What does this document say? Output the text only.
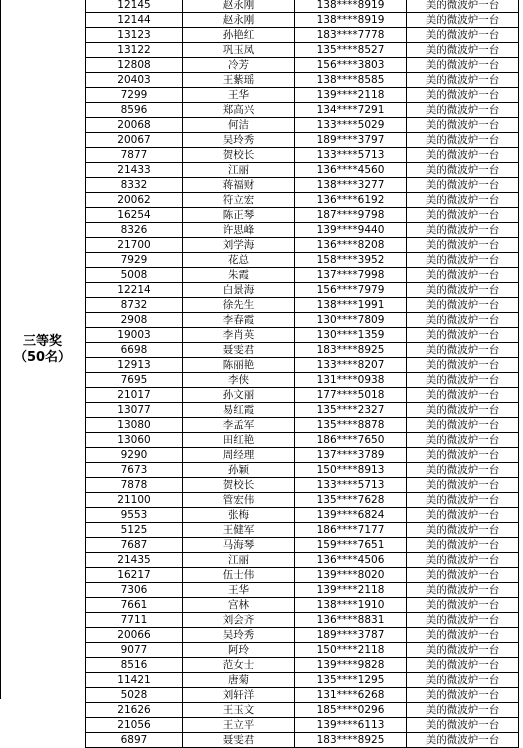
三等奖
（50名）
12145	赵永刚	138****8919	美的微波炉一台
12144	赵永刚	138****8919	美的微波炉一台
13123	孙艳红	183****7778	美的微波炉一台
13122	巩玉凤	135****8527	美的微波炉一台
12808	冷芳	156****3803	美的微波炉一台
20403	王紫瑶	138****8585	美的微波炉一台
7299	王华	139****2118	美的微波炉一台
8596	郑高兴	134****7291	美的微波炉一台
20068	何洁	133****5029	美的微波炉一台
20067	吴玲秀	189****3797	美的微波炉一台
7877	贺校长	133****5713	美的微波炉一台
21433	江丽	136****4560	美的微波炉一台
8332	蒋福财	138****3277	美的微波炉一台
20062	符立宏	136****6192	美的微波炉一台
16254	陈正琴	187****9798	美的微波炉一台
8326	许思峰	139****9440	美的微波炉一台
21700	刘学海	136****8208	美的微波炉一台
7929	花总	158****3952	美的微波炉一台
5008	朱霞	137****7998	美的微波炉一台
12214	白景海	156****7979	美的微波炉一台
8732	徐先生	138****1991	美的微波炉一台
2908	李春霞	130****7809	美的微波炉一台
19003	李肖英	130****1359	美的微波炉一台
6698	聂雯君	183****8925	美的微波炉一台
12913	陈丽艳	133****8207	美的微波炉一台
7695	李侠	131****0938	美的微波炉一台
21017	孙文丽	177****5018	美的微波炉一台
13077	易红霞	135****2327	美的微波炉一台
13080	李孟军	135****8878	美的微波炉一台
13060	田红艳	186****7650	美的微波炉一台
9290	周经理	137****3789	美的微波炉一台
7673	孙颖	150****8913	美的微波炉一台
7878	贺校长	133****5713	美的微波炉一台
21100	管宏伟	135****7628	美的微波炉一台
9553	张梅	139****6824	美的微波炉一台
5125	王健军	186****7177	美的微波炉一台
7687	马海琴	159****7651	美的微波炉一台
21435	江丽	136****4506	美的微波炉一台
16217	伍士伟	139****8020	美的微波炉一台
7306	王华	139****2118	美的微波炉一台
7661	宫林	138****1910	美的微波炉一台
7711	刘会齐	136****8831	美的微波炉一台
20066	吴玲秀	189****3787	美的微波炉一台
9077	阿玲	150****2118	美的微波炉一台
8516	范女士	139****9828	美的微波炉一台
11421	唐菊	135****1295	美的微波炉一台
5028	刘轩洋	131****6268	美的微波炉一台
21626	王玉文	185****0296	美的微波炉一台
21056	王立平	139****6113	美的微波炉一台
6897	聂雯君	183****8925	美的微波炉一台
